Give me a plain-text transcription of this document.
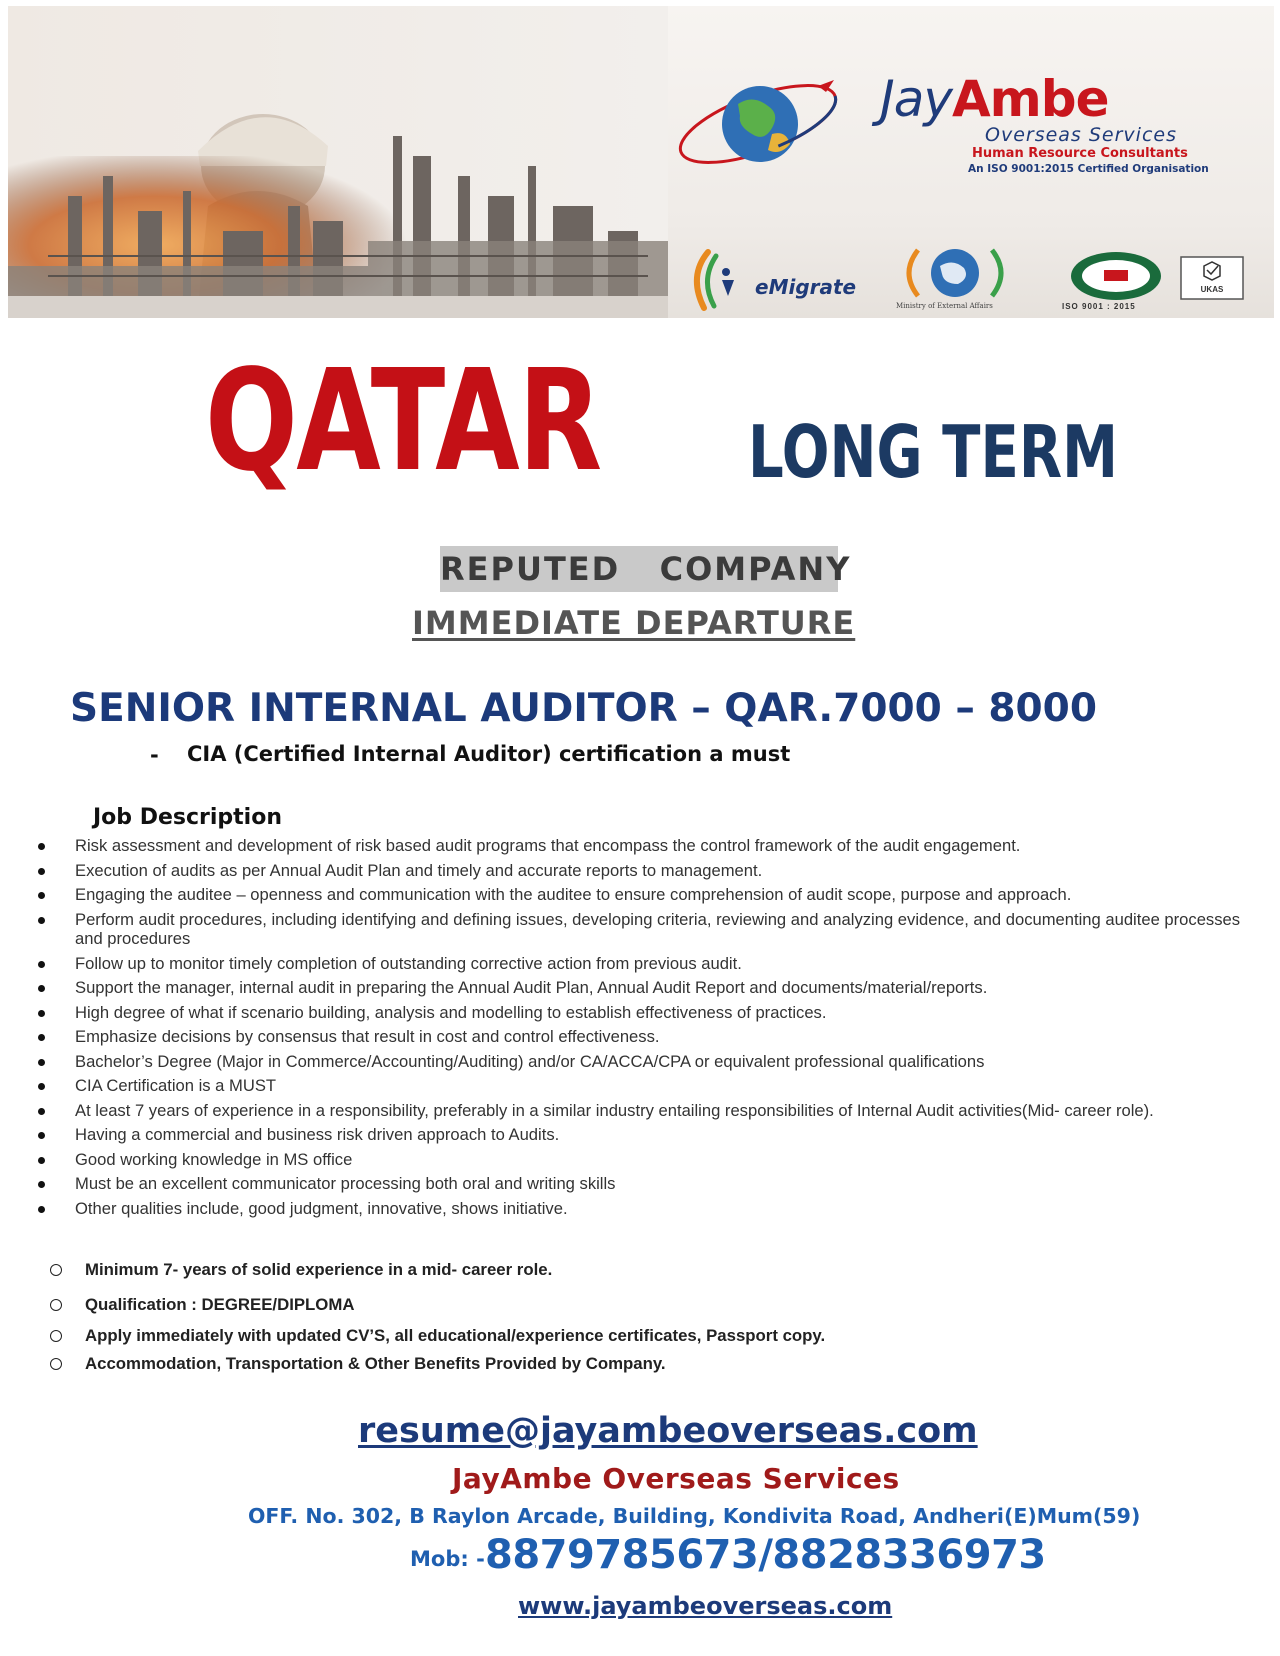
JayAmbe
Overseas Services
Human Resource Consultants
An ISO 9001:2015 Certified Organisation
eMigrate
Ministry of External Affairs	ISO 9001 : 2015
UKAS
QATAR LONG TERM
REPUTED   COMPANY
IMMEDIATE DEPARTURE
SENIOR INTERNAL AUDITOR – QAR.7000 – 8000
- CIA (Certified Internal Auditor) certification a must
Job Description
Risk assessment and development of risk based audit programs that encompass the control framework of the audit engagement.
Execution of audits as per Annual Audit Plan and timely and accurate reports to management.
Engaging the auditee – openness and communication with the auditee to ensure comprehension of audit scope, purpose and approach.
Perform audit procedures, including identifying and defining issues, developing criteria, reviewing and analyzing evidence, and documenting auditee processes and procedures
Follow up to monitor timely completion of outstanding corrective action from previous audit.
Support the manager, internal audit in preparing the Annual Audit Plan, Annual Audit Report and documents/material/reports.
High degree of what if scenario building, analysis and modelling to establish effectiveness of practices.
Emphasize decisions by consensus that result in cost and control effectiveness.
Bachelor’s Degree (Major in Commerce/Accounting/Auditing) and/or CA/ACCA/CPA or equivalent professional qualifications
CIA Certification is a MUST
At least 7 years of experience in a responsibility, preferably in a similar industry entailing responsibilities of Internal Audit activities(Mid- career role).
Having a commercial and business risk driven approach to Audits.
Good working knowledge in MS office
Must be an excellent communicator processing both oral and writing skills
Other qualities include, good judgment, innovative, shows initiative.
Minimum 7- years of solid experience in a mid- career role.
Qualification : DEGREE/DIPLOMA
Apply immediately with updated CV’S, all educational/experience certificates, Passport copy.
Accommodation, Transportation & Other Benefits Provided by Company.
resume@jayambeoverseas.com
JayAmbe Overseas Services
OFF. No. 302, B Raylon Arcade, Building, Kondivita Road, Andheri(E)Mum(59)
Mob: - 8879785673/8828336973
www.jayambeoverseas.com
